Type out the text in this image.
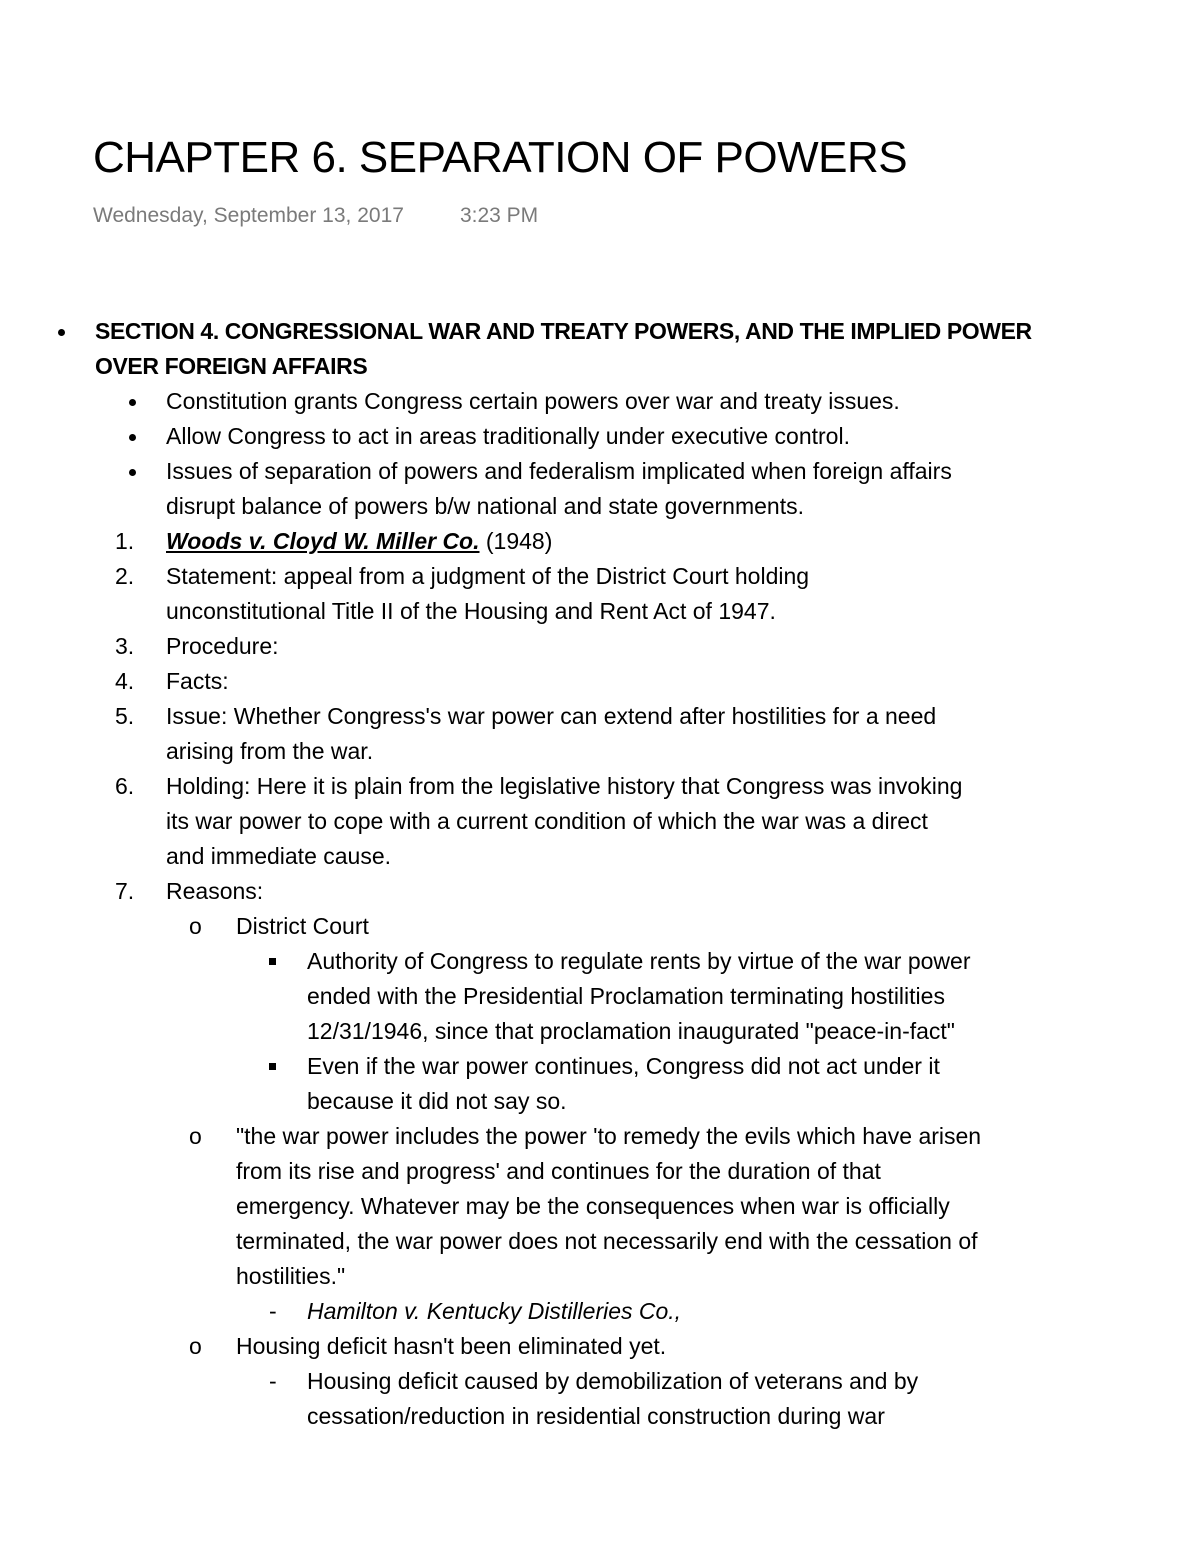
CHAPTER 6. SEPARATION OF POWERS
Wednesday, September 13, 2017	3:23 PM
SECTION 4. CONGRESSIONAL WAR AND TREATY POWERS, AND THE IMPLIED POWER
OVER FOREIGN AFFAIRS
Constitution grants Congress certain powers over war and treaty issues.
Allow Congress to act in areas traditionally under executive control.
Issues of separation of powers and federalism implicated when foreign affairs
disrupt balance of powers b/w national and state governments.
1. Woods v. Cloyd W. Miller Co. (1948)
2. Statement: appeal from a judgment of the District Court holding
unconstitutional Title II of the Housing and Rent Act of 1947.
3. Procedure:
4. Facts:
5. Issue: Whether Congress's war power can extend after hostilities for a need
arising from the war.
6. Holding: Here it is plain from the legislative history that Congress was invoking
its war power to cope with a current condition of which the war was a direct
and immediate cause.
7. Reasons:
o District Court
Authority of Congress to regulate rents by virtue of the war power
ended with the Presidential Proclamation terminating hostilities
12/31/1946, since that proclamation inaugurated "peace-in-fact"
Even if the war power continues, Congress did not act under it
because it did not say so.
o "the war power includes the power 'to remedy the evils which have arisen
from its rise and progress' and continues for the duration of that
emergency. Whatever may be the consequences when war is officially
terminated, the war power does not necessarily end with the cessation of
hostilities."
- Hamilton v. Kentucky Distilleries Co.,
o Housing deficit hasn't been eliminated yet.
- Housing deficit caused by demobilization of veterans and by
cessation/reduction in residential construction during war
